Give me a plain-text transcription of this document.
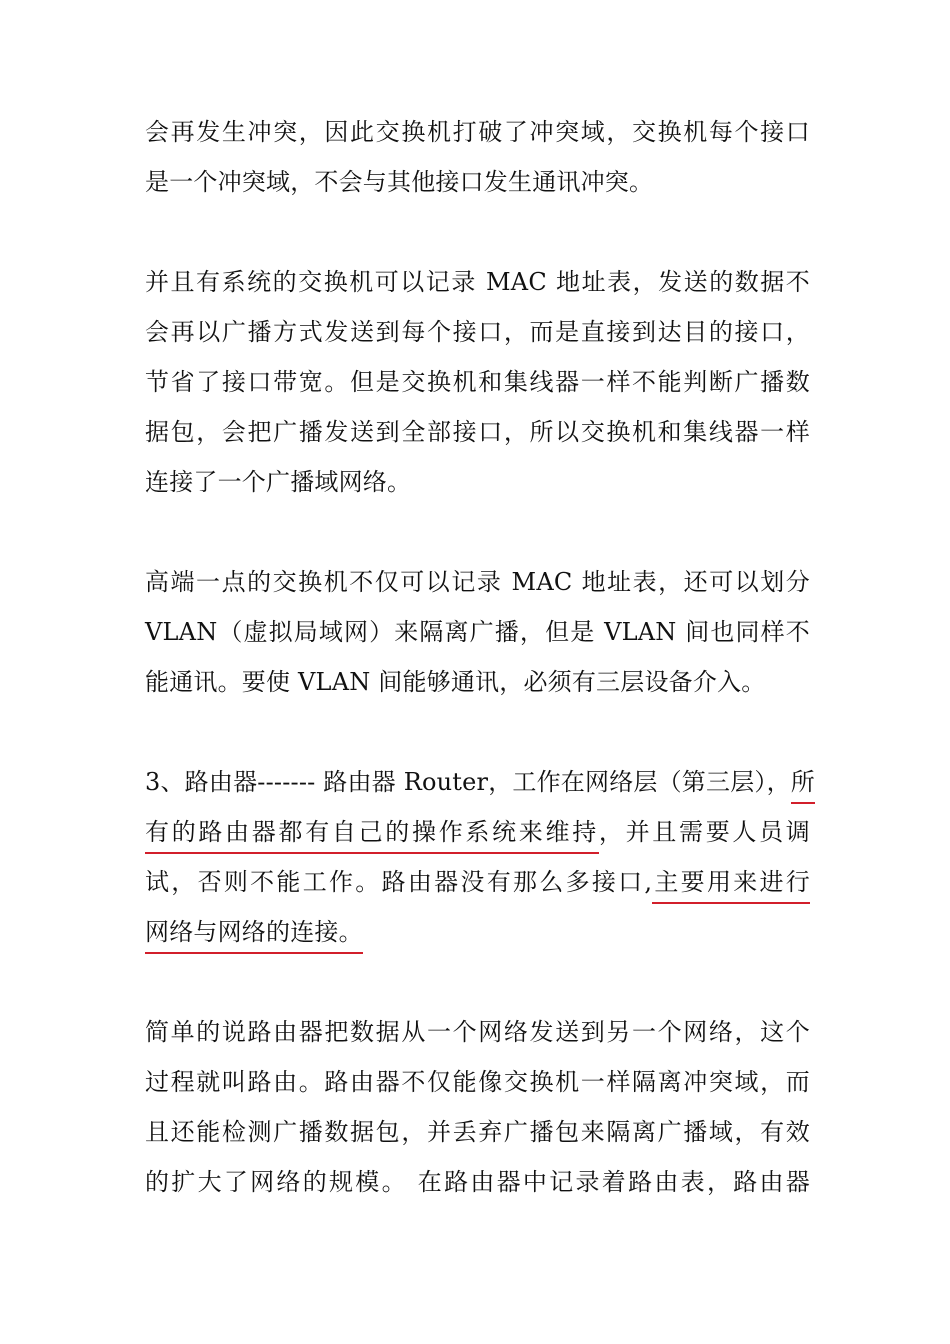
会再发生冲突，因此交换机打破了冲突域，交换机每个接口
是一个冲突域，不会与其他接口发生通讯冲突。
并且有系统的交换机可以记录 MAC 地址表，发送的数据不
会再以广播方式发送到每个接口，而是直接到达目的接口，
节省了接口带宽。但是交换机和集线器一样不能判断广播数
据包，会把广播发送到全部接口，所以交换机和集线器一样
连接了一个广播域网络。
高端一点的交换机不仅可以记录 MAC 地址表，还可以划分
VLAN（虚拟局域网）来隔离广播，但是 VLAN 间也同样不
能通讯。要使 VLAN 间能够通讯，必须有三层设备介入。
3、路由器------- 路由器 Router，工作在网络层（第三层），所
有的路由器都有自己的操作系统来维持，并且需要人员调
试，否则不能工作。路由器没有那么多接口,主要用来进行
网络与网络的连接。
简单的说路由器把数据从一个网络发送到另一个网络，这个
过程就叫路由。路由器不仅能像交换机一样隔离冲突域，而
且还能检测广播数据包，并丢弃广播包来隔离广播域，有效
的扩大了网络的规模。 在路由器中记录着路由表，路由器
